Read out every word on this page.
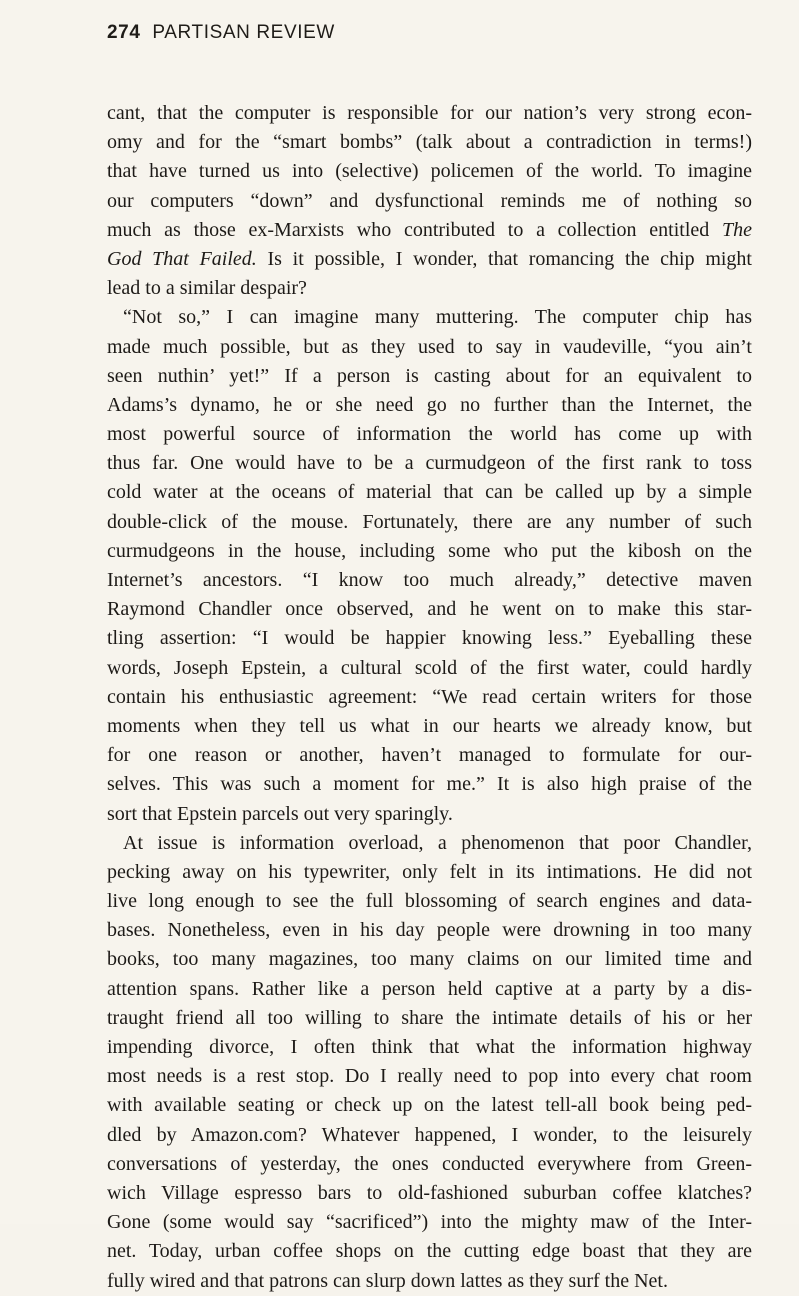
274 PARTISAN REVIEW
cant, that the computer is responsible for our nation’s very strong econ-
omy and for the “smart bombs” (talk about a contradiction in terms!)
that have turned us into (selective) policemen of the world. To imagine
our computers “down” and dysfunctional reminds me of nothing so
much as those ex-Marxists who contributed to a collection entitled The
God That Failed. Is it possible, I wonder, that romancing the chip might
lead to a similar despair?
“Not so,” I can imagine many muttering. The computer chip has
made much possible, but as they used to say in vaudeville, “you ain’t
seen nuthin’ yet!” If a person is casting about for an equivalent to
Adams’s dynamo, he or she need go no further than the Internet, the
most powerful source of information the world has come up with
thus far. One would have to be a curmudgeon of the first rank to toss
cold water at the oceans of material that can be called up by a simple
double-click of the mouse. Fortunately, there are any number of such
curmudgeons in the house, including some who put the kibosh on the
Internet’s ancestors. “I know too much already,” detective maven
Raymond Chandler once observed, and he went on to make this star-
tling assertion: “I would be happier knowing less.” Eyeballing these
words, Joseph Epstein, a cultural scold of the first water, could hardly
contain his enthusiastic agreement: “We read certain writers for those
moments when they tell us what in our hearts we already know, but
for one reason or another, haven’t managed to formulate for our-
selves. This was such a moment for me.” It is also high praise of the
sort that Epstein parcels out very sparingly.
At issue is information overload, a phenomenon that poor Chandler,
pecking away on his typewriter, only felt in its intimations. He did not
live long enough to see the full blossoming of search engines and data-
bases. Nonetheless, even in his day people were drowning in too many
books, too many magazines, too many claims on our limited time and
attention spans. Rather like a person held captive at a party by a dis-
traught friend all too willing to share the intimate details of his or her
impending divorce, I often think that what the information highway
most needs is a rest stop. Do I really need to pop into every chat room
with available seating or check up on the latest tell-all book being ped-
dled by Amazon.com? Whatever happened, I wonder, to the leisurely
conversations of yesterday, the ones conducted everywhere from Green-
wich Village espresso bars to old-fashioned suburban coffee klatches?
Gone (some would say “sacrificed”) into the mighty maw of the Inter-
net. Today, urban coffee shops on the cutting edge boast that they are
fully wired and that patrons can slurp down lattes as they surf the Net.
